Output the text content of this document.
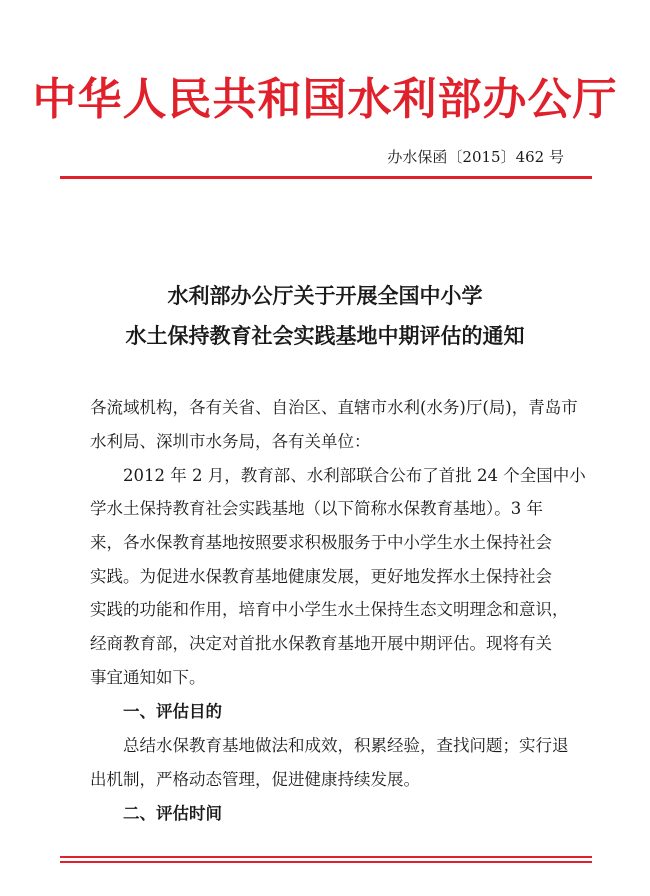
中华人民共和国水利部办公厅
办水保函〔2015〕462 号
水利部办公厅关于开展全国中小学
水土保持教育社会实践基地中期评估的通知
各流域机构，各有关省、自治区、直辖市水利(水务)厅(局)，青岛市
水利局、深圳市水务局，各有关单位：
　　2012 年 2 月，教育部、水利部联合公布了首批 24 个全国中小
学水土保持教育社会实践基地（以下简称水保教育基地）。3 年
来，各水保教育基地按照要求积极服务于中小学生水土保持社会
实践。为促进水保教育基地健康发展，更好地发挥水土保持社会
实践的功能和作用，培育中小学生水土保持生态文明理念和意识，
经商教育部，决定对首批水保教育基地开展中期评估。现将有关
事宜通知如下。
　　一、评估目的
　　总结水保教育基地做法和成效，积累经验，查找问题；实行退
出机制，严格动态管理，促进健康持续发展。
　　二、评估时间
